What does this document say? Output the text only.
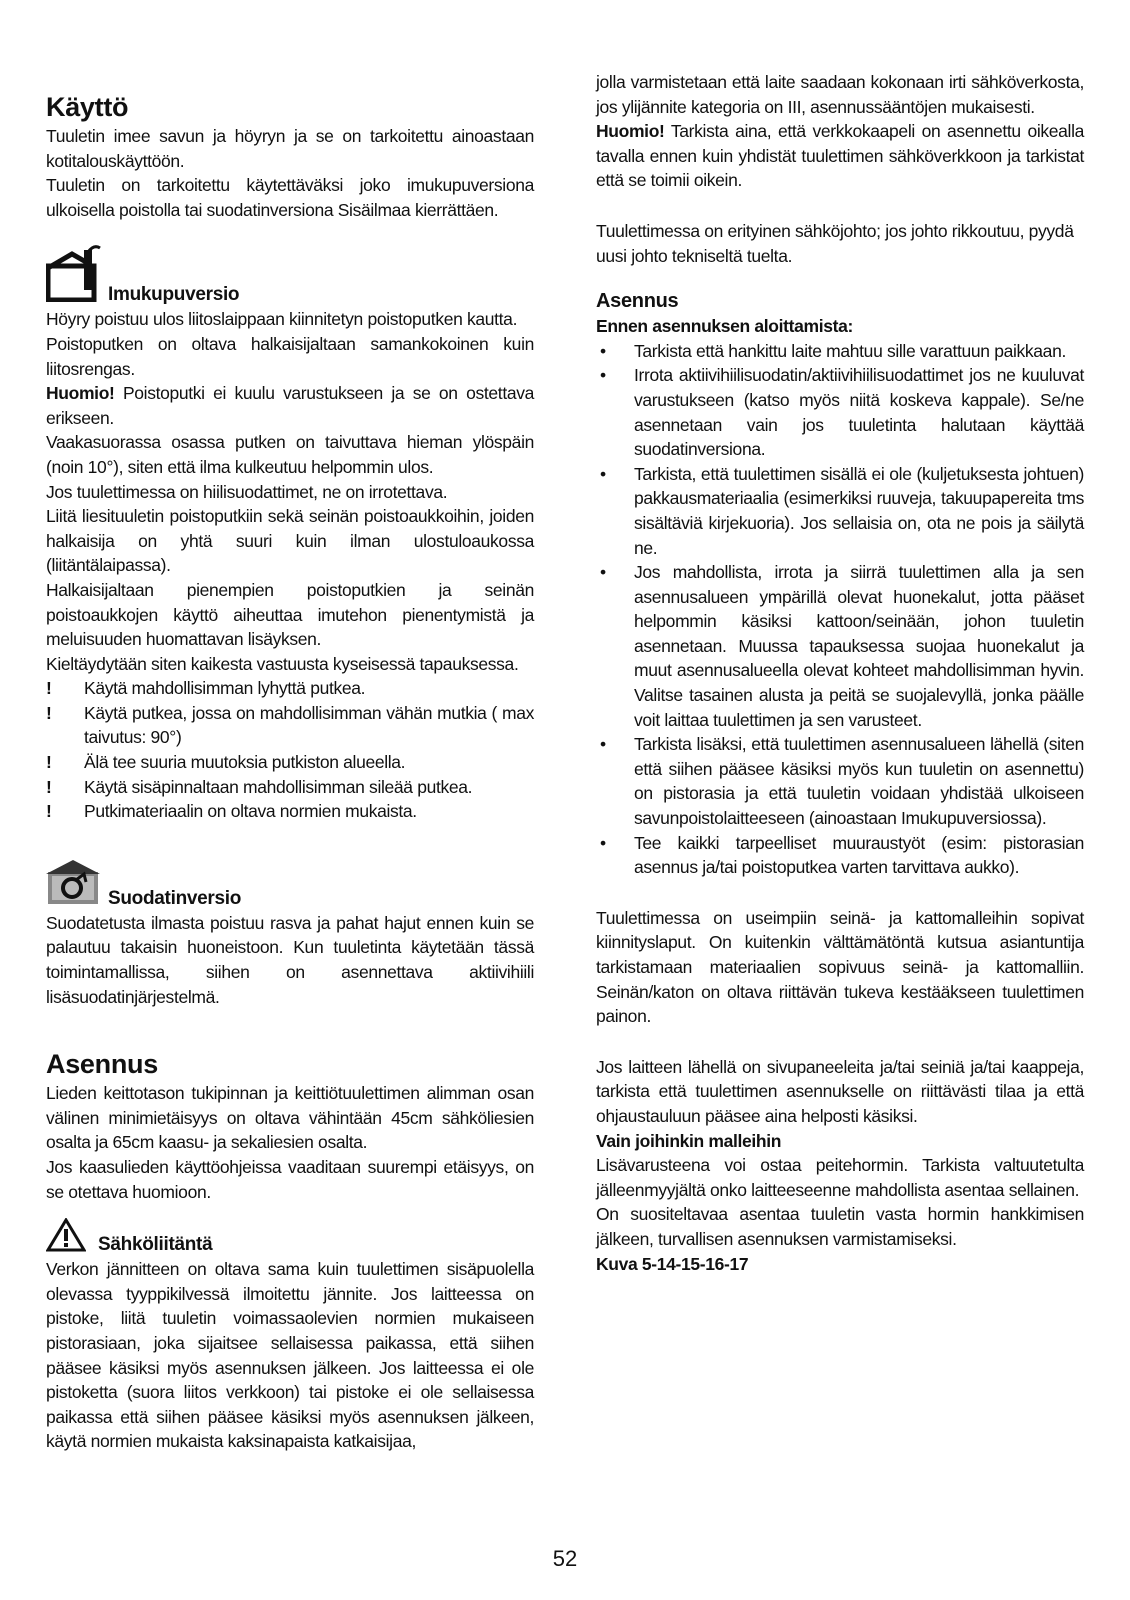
Käyttö

Tuuletin imee savun ja höyryn ja se on tarkoitettu ainoastaan kotitalouskäyttöön.

Tuuletin on tarkoitettu käytettäväksi joko imukupuversiona ulkoisella poistolla tai suodatinversiona Sisäilmaa kierrättäen.

Imukupuversio

Höyry poistuu ulos liitoslaippaan kiinnitetyn poistoputken kautta.

Poistoputken on oltava halkaisijaltaan samankokoinen kuin liitosrengas.

Huomio! Poistoputki ei kuulu varustukseen ja se on ostettava erikseen.

Vaakasuorassa osassa putken on taivuttava hieman ylöspäin (noin 10°), siten että ilma kulkeutuu helpommin ulos.

Jos tuulettimessa on hiilisuodattimet, ne on irrotettava.

Liitä liesituuletin poistoputkiin sekä seinän poistoaukkoihin, joiden halkaisija on yhtä suuri kuin ilman ulostuloaukossa (liitäntälaipassa).

Halkaisijaltaan pienempien poistoputkien ja seinän poistoaukkojen käyttö aiheuttaa imutehon pienentymistä ja meluisuuden huomattavan lisäyksen.

Kieltäydytään siten kaikesta vastuusta kyseisessä tapauksessa.

! Käytä mahdollisimman lyhyttä putkea.
! Käytä putkea, jossa on mahdollisimman vähän mutkia ( max taivutus: 90°)
! Älä tee suuria muutoksia putkiston alueella.
! Käytä sisäpinnaltaan mahdollisimman sileää putkea.
! Putkimateriaalin on oltava normien mukaista.
Suodatinversio

Suodatetusta ilmasta poistuu rasva ja pahat hajut ennen kuin se palautuu takaisin huoneistoon. Kun tuuletinta käytetään tässä toimintamallissa, siihen on asennettava aktiivihiili lisäsuodatinjärjestelmä.

Asennus

Lieden keittotason tukipinnan ja keittiötuulettimen alimman osan välinen minimietäisyys on oltava vähintään 45cm sähköliesien osalta ja 65cm kaasu- ja sekaliesien osalta.

Jos kaasulieden käyttöohjeissa vaaditaan suurempi etäisyys, on se otettava huomioon.

Sähköliitäntä

Verkon jännitteen on oltava sama kuin tuulettimen sisäpuolella olevassa tyyppikilvessä ilmoitettu jännite. Jos laitteessa on pistoke, liitä tuuletin voimassaolevien normien mukaiseen pistorasiaan, joka sijaitsee sellaisessa paikassa, että siihen pääsee käsiksi myös asennuksen jälkeen. Jos laitteessa ei ole pistoketta (suora liitos verkkoon) tai pistoke ei ole sellaisessa paikassa että siihen pääsee käsiksi myös asennuksen jälkeen, käytä normien mukaista kaksinapaista katkaisijaa,

jolla varmistetaan että laite saadaan kokonaan irti sähköverkosta, jos ylijännite kategoria on III, asennussääntöjen mukaisesti.

Huomio! Tarkista aina, että verkkokaapeli on asennettu oikealla tavalla ennen kuin yhdistät tuulettimen sähköverkkoon ja tarkistat että se toimii oikein.

Tuulettimessa on erityinen sähköjohto; jos johto rikkoutuu, pyydä uusi johto tekniseltä tuelta.

Asennus

Ennen asennuksen aloittamista:

• Tarkista että hankittu laite mahtuu sille varattuun paikkaan.
• Irrota aktiivihiilisuodatin/aktiivihiilisuodattimet jos ne kuuluvat varustukseen (katso myös niitä koskeva kappale). Se/ne asennetaan vain jos tuuletinta halutaan käyttää suodatinversiona.
• Tarkista, että tuulettimen sisällä ei ole (kuljetuksesta johtuen) pakkausmateriaalia (esimerkiksi ruuveja, takuupapereita tms sisältäviä kirjekuoria). Jos sellaisia on, ota ne pois ja säilytä ne.
• Jos mahdollista, irrota ja siirrä tuulettimen alla ja sen asennusalueen ympärillä olevat huonekalut, jotta pääset helpommin käsiksi kattoon/seinään, johon tuuletin asennetaan. Muussa tapauksessa suojaa huonekalut ja muut asennusalueella olevat kohteet mahdollisimman hyvin. Valitse tasainen alusta ja peitä se suojalevyllä, jonka päälle voit laittaa tuulettimen ja sen varusteet.
• Tarkista lisäksi, että tuulettimen asennusalueen lähellä (siten että siihen pääsee käsiksi myös kun tuuletin on asennettu) on pistorasia ja että tuuletin voidaan yhdistää ulkoiseen savunpoistolaitteeseen (ainoastaan Imukupuversiossa).
• Tee kaikki tarpeelliset muuraustyöt (esim: pistorasian asennus ja/tai poistoputkea varten tarvittava aukko).

Tuulettimessa on useimpiin seinä- ja kattomalleihin sopivat kiinnityslaput. On kuitenkin välttämätöntä kutsua asiantuntija tarkistamaan materiaalien sopivuus seinä- ja kattomalliin. Seinän/katon on oltava riittävän tukeva kestääkseen tuulettimen painon.

Jos laitteen lähellä on sivupaneeleita ja/tai seiniä ja/tai kaappeja, tarkista että tuulettimen asennukselle on riittävästi tilaa ja että ohjaustauluun pääsee aina helposti käsiksi.

Vain joihinkin malleihin

Lisävarusteena voi ostaa peitehormin. Tarkista valtuutetulta jälleenmyyjältä onko laitteeseenne mahdollista asentaa sellainen.

On suositeltavaa asentaa tuuletin vasta hormin hankkimisen jälkeen, turvallisen asennuksen varmistamiseksi.

Kuva 5-14-15-16-17

52
